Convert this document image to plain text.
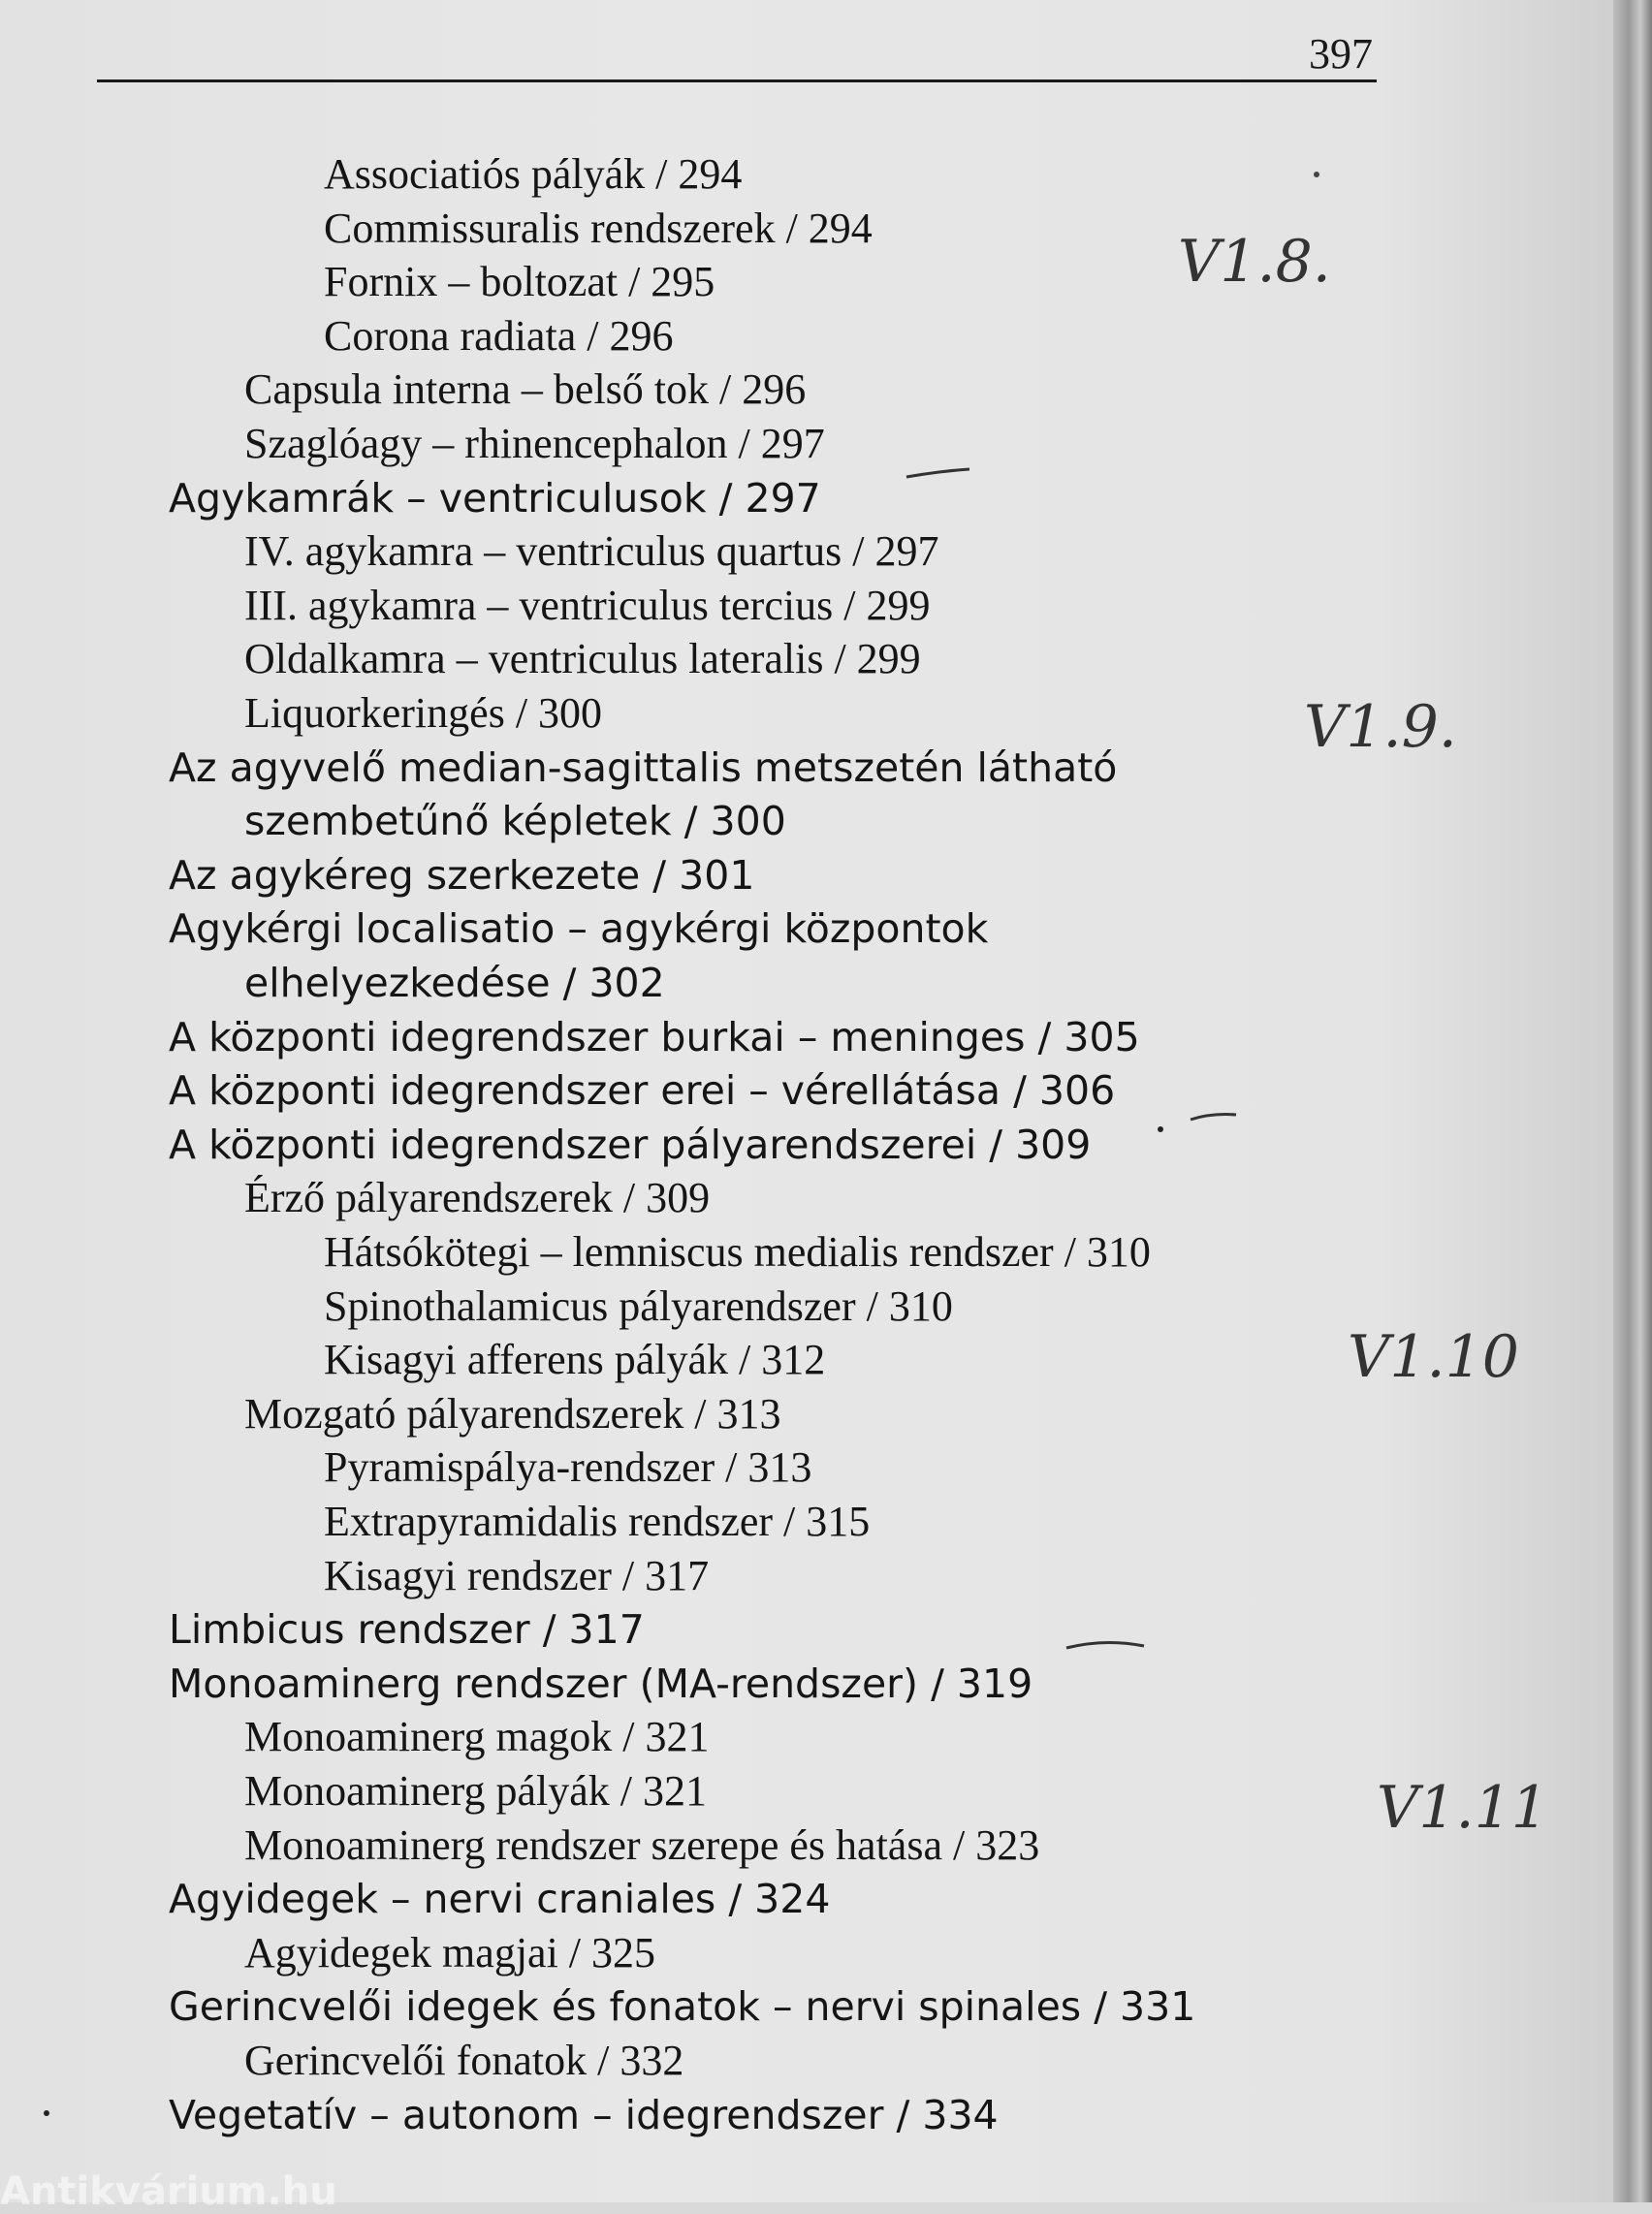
397
Associatiós pályák / 294
Commissuralis rendszerek / 294
Fornix – boltozat / 295
Corona radiata / 296
Capsula interna – belső tok / 296
Szaglóagy – rhinencephalon / 297
Agykamrák – ventriculusok / 297
IV. agykamra – ventriculus quartus / 297
III. agykamra – ventriculus tercius / 299
Oldalkamra – ventriculus lateralis / 299
Liquorkeringés / 300
Az agyvelő median-sagittalis metszetén látható
szembetűnő képletek / 300
Az agykéreg szerkezete / 301
Agykérgi localisatio – agykérgi központok
elhelyezkedése / 302
A központi idegrendszer burkai – meninges / 305
A központi idegrendszer erei – vérellátása / 306
A központi idegrendszer pályarendszerei / 309
Érző pályarendszerek / 309
Hátsókötegi – lemniscus medialis rendszer / 310
Spinothalamicus pályarendszer / 310
Kisagyi afferens pályák / 312
Mozgató pályarendszerek / 313
Pyramispálya-rendszer / 313
Extrapyramidalis rendszer / 315
Kisagyi rendszer / 317
Limbicus rendszer / 317
Monoaminerg rendszer (MA-rendszer) / 319
Monoaminerg magok / 321
Monoaminerg pályák / 321
Monoaminerg rendszer szerepe és hatása / 323
Agyidegek – nervi craniales / 324
Agyidegek magjai / 325
Gerincvelői idegek és fonatok – nervi spinales / 331
Gerincvelői fonatok / 332
Vegetatív – autonom – idegrendszer / 334
V1.8.
V1.9.
V1.10
V1.11
Antikvárium.hu
